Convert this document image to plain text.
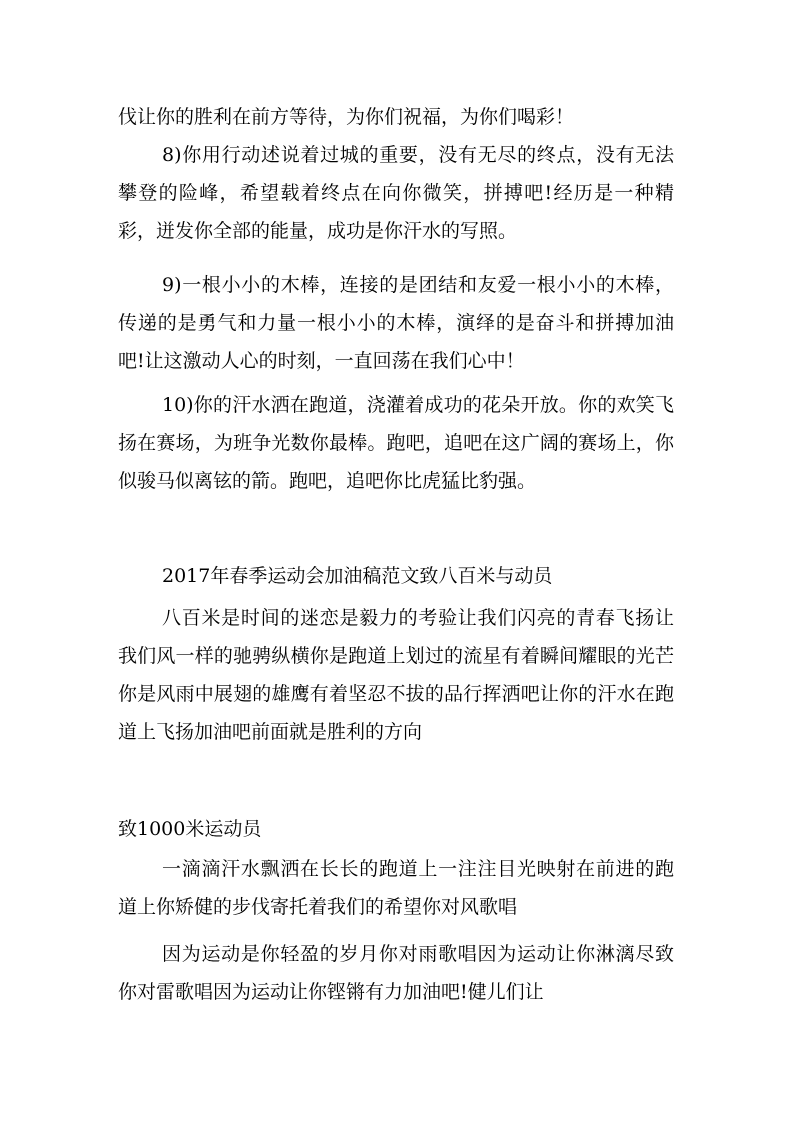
伐让你的胜利在前方等待，为你们祝福，为你们喝彩！

8)你用行动述说着过城的重要，没有无尽的终点，没有无法攀登的险峰，希望载着终点在向你微笑，拼搏吧!经历是一种精彩，迸发你全部的能量，成功是你汗水的写照。

9)一根小小的木棒，连接的是团结和友爱一根小小的木棒，传递的是勇气和力量一根小小的木棒，演绎的是奋斗和拼搏加油吧!让这激动人心的时刻，一直回荡在我们心中！

10)你的汗水洒在跑道，浇灌着成功的花朵开放。你的欢笑飞扬在赛场，为班争光数你最棒。跑吧，追吧在这广阔的赛场上，你似骏马似离铉的箭。跑吧，追吧你比虎猛比豹强。

2017年春季运动会加油稿范文致八百米与动员

八百米是时间的迷恋是毅力的考验让我们闪亮的青春飞扬让我们风一样的驰骋纵横你是跑道上划过的流星有着瞬间耀眼的光芒你是风雨中展翅的雄鹰有着坚忍不拔的品行挥洒吧让你的汗水在跑道上飞扬加油吧前面就是胜利的方向

致1000米运动员

一滴滴汗水飘洒在长长的跑道上一注注目光映射在前进的跑道上你矫健的步伐寄托着我们的希望你对风歌唱

因为运动是你轻盈的岁月你对雨歌唱因为运动让你淋漓尽致你对雷歌唱因为运动让你铿锵有力加油吧!健儿们让
